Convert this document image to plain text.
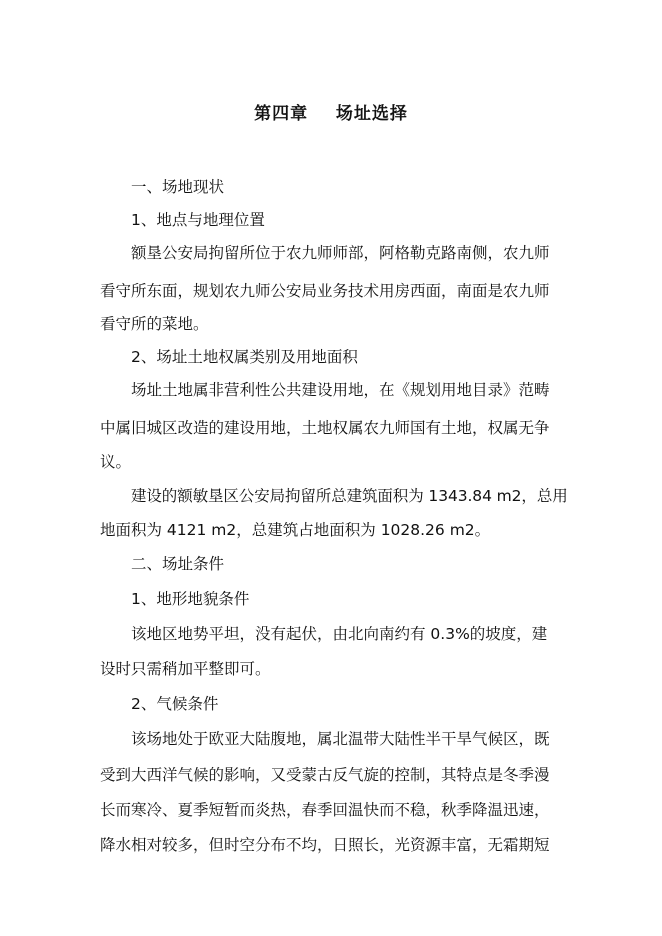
第四章    场址选择
一、场地现状
1、地点与地理位置
额垦公安局拘留所位于农九师师部，阿格勒克路南侧，农九师
看守所东面，规划农九师公安局业务技术用房西面，南面是农九师
看守所的菜地。
2、场址土地权属类别及用地面积
场址土地属非营利性公共建设用地，在《规划用地目录》范畴
中属旧城区改造的建设用地，土地权属农九师国有土地，权属无争
议。
建设的额敏垦区公安局拘留所总建筑面积为 1343.84 m2，总用
地面积为 4121 m2，总建筑占地面积为 1028.26 m2。
二、场址条件
1、地形地貌条件
该地区地势平坦，没有起伏，由北向南约有 0.3%的坡度，建
设时只需稍加平整即可。
2、气候条件
该场地处于欧亚大陆腹地，属北温带大陆性半干旱气候区，既
受到大西洋气候的影响，又受蒙古反气旋的控制，其特点是冬季漫
长而寒冷、夏季短暂而炎热，春季回温快而不稳，秋季降温迅速，
降水相对较多，但时空分布不均，日照长，光资源丰富，无霜期短
